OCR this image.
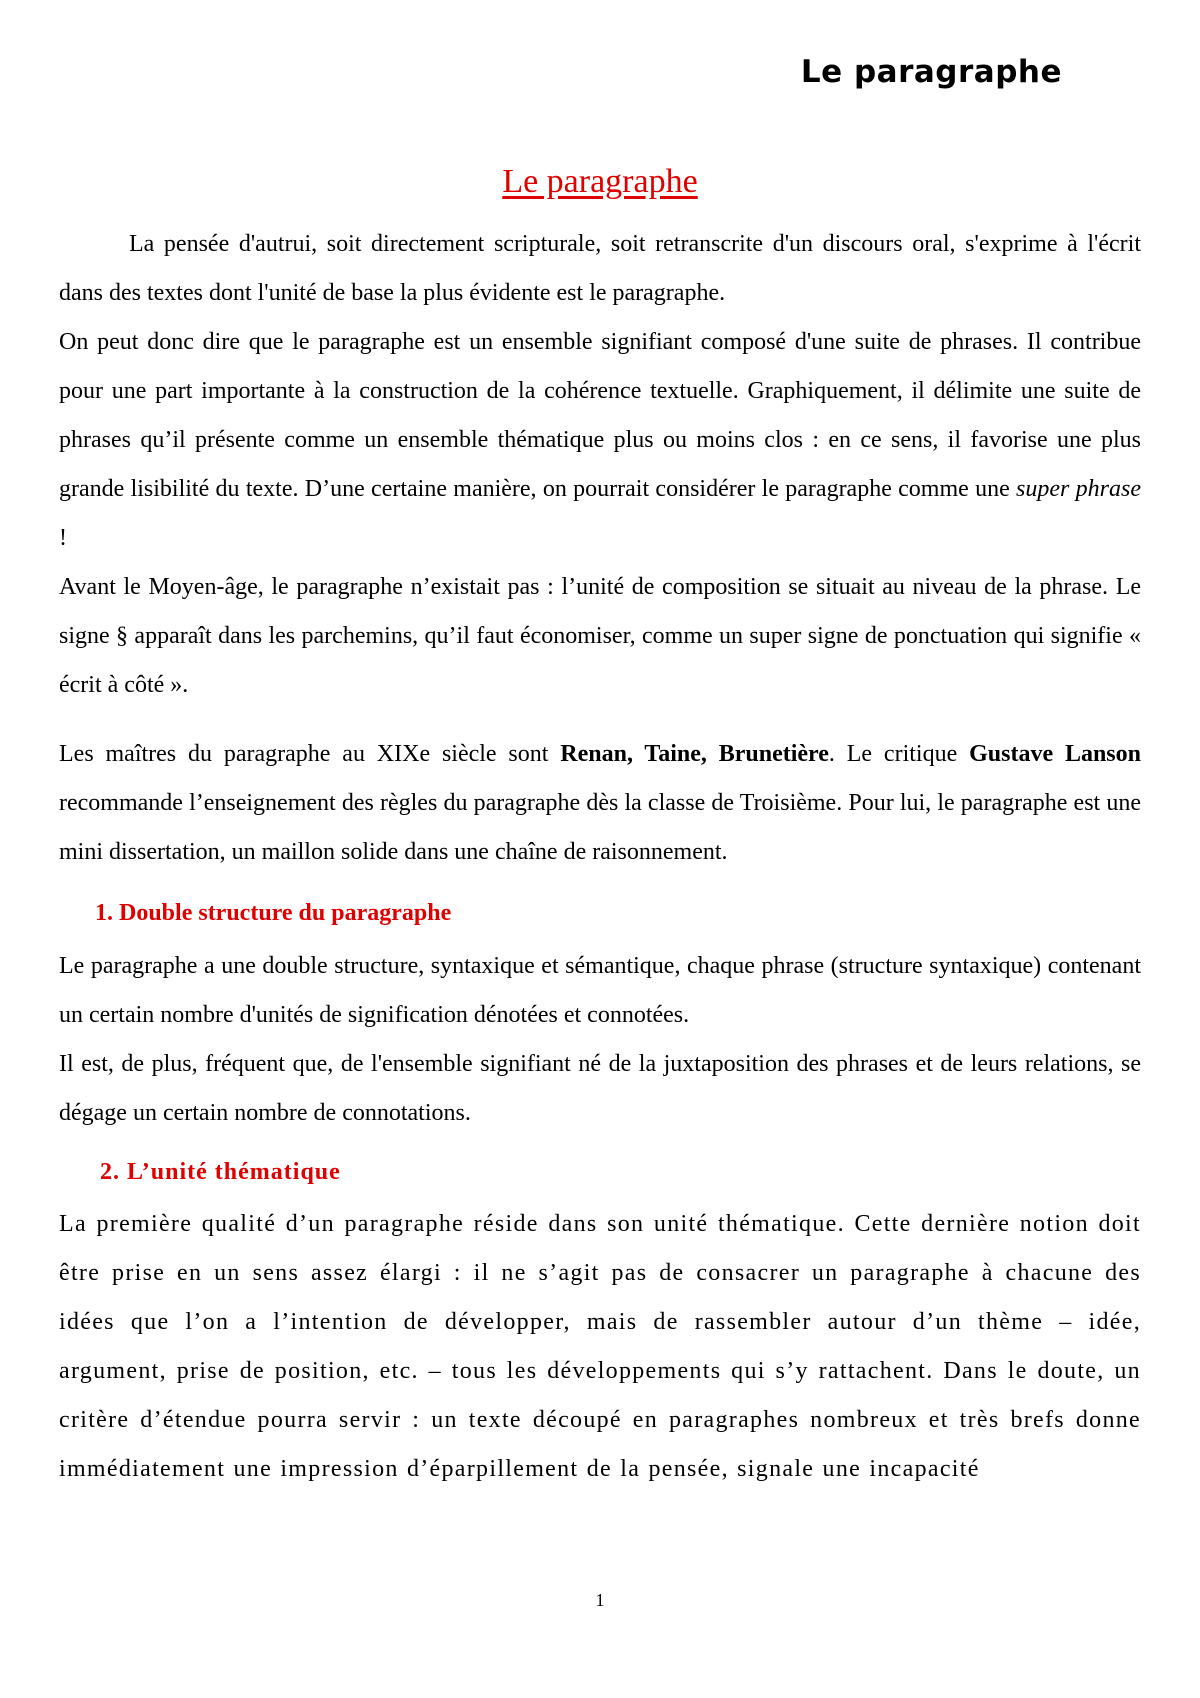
Le paragraphe
Le paragraphe

La pensée d'autrui, soit directement scripturale, soit retranscrite d'un discours oral, s'exprime à l'écrit dans des textes dont l'unité de base la plus évidente est le paragraphe.

On peut donc dire que le paragraphe est un ensemble signifiant composé d'une suite de phrases. Il contribue pour une part importante à la construction de la cohérence textuelle. Graphiquement, il délimite une suite de phrases qu’il présente comme un ensemble thématique plus ou moins clos : en ce sens, il favorise une plus grande lisibilité du texte. D’une certaine manière, on pourrait considérer le paragraphe comme une super phrase !

Avant le Moyen-âge, le paragraphe n’existait pas : l’unité de composition se situait au niveau de la phrase. Le signe § apparaît dans les parchemins, qu’il faut économiser, comme un super signe de ponctuation qui signifie « écrit à côté ».

Les maîtres du paragraphe au XIXe siècle sont Renan, Taine, Brunetière. Le critique Gustave Lanson recommande l’enseignement des règles du paragraphe dès la classe de Troisième. Pour lui, le paragraphe est une mini dissertation, un maillon solide dans une chaîne de raisonnement.

1. Double structure du paragraphe

Le paragraphe a une double structure, syntaxique et sémantique, chaque phrase (structure syntaxique) contenant un certain nombre d'unités de signification dénotées et connotées.

Il est, de plus, fréquent que, de l'ensemble signifiant né de la juxtaposition des phrases et de leurs relations, se dégage un certain nombre de connotations.

2. L’unité thématique

La première qualité d’un paragraphe réside dans son unité thématique. Cette dernière notion doit être prise en un sens assez élargi : il ne s’agit pas de consacrer un paragraphe à chacune des idées que l’on a l’intention de développer, mais de rassembler autour d’un thème – idée, argument, prise de position, etc. – tous les développements qui s’y rattachent. Dans le doute, un critère d’étendue pourra servir : un texte découpé en paragraphes nombreux et très brefs donne immédiatement une impression d’éparpillement de la pensée, signale une incapacité

1
